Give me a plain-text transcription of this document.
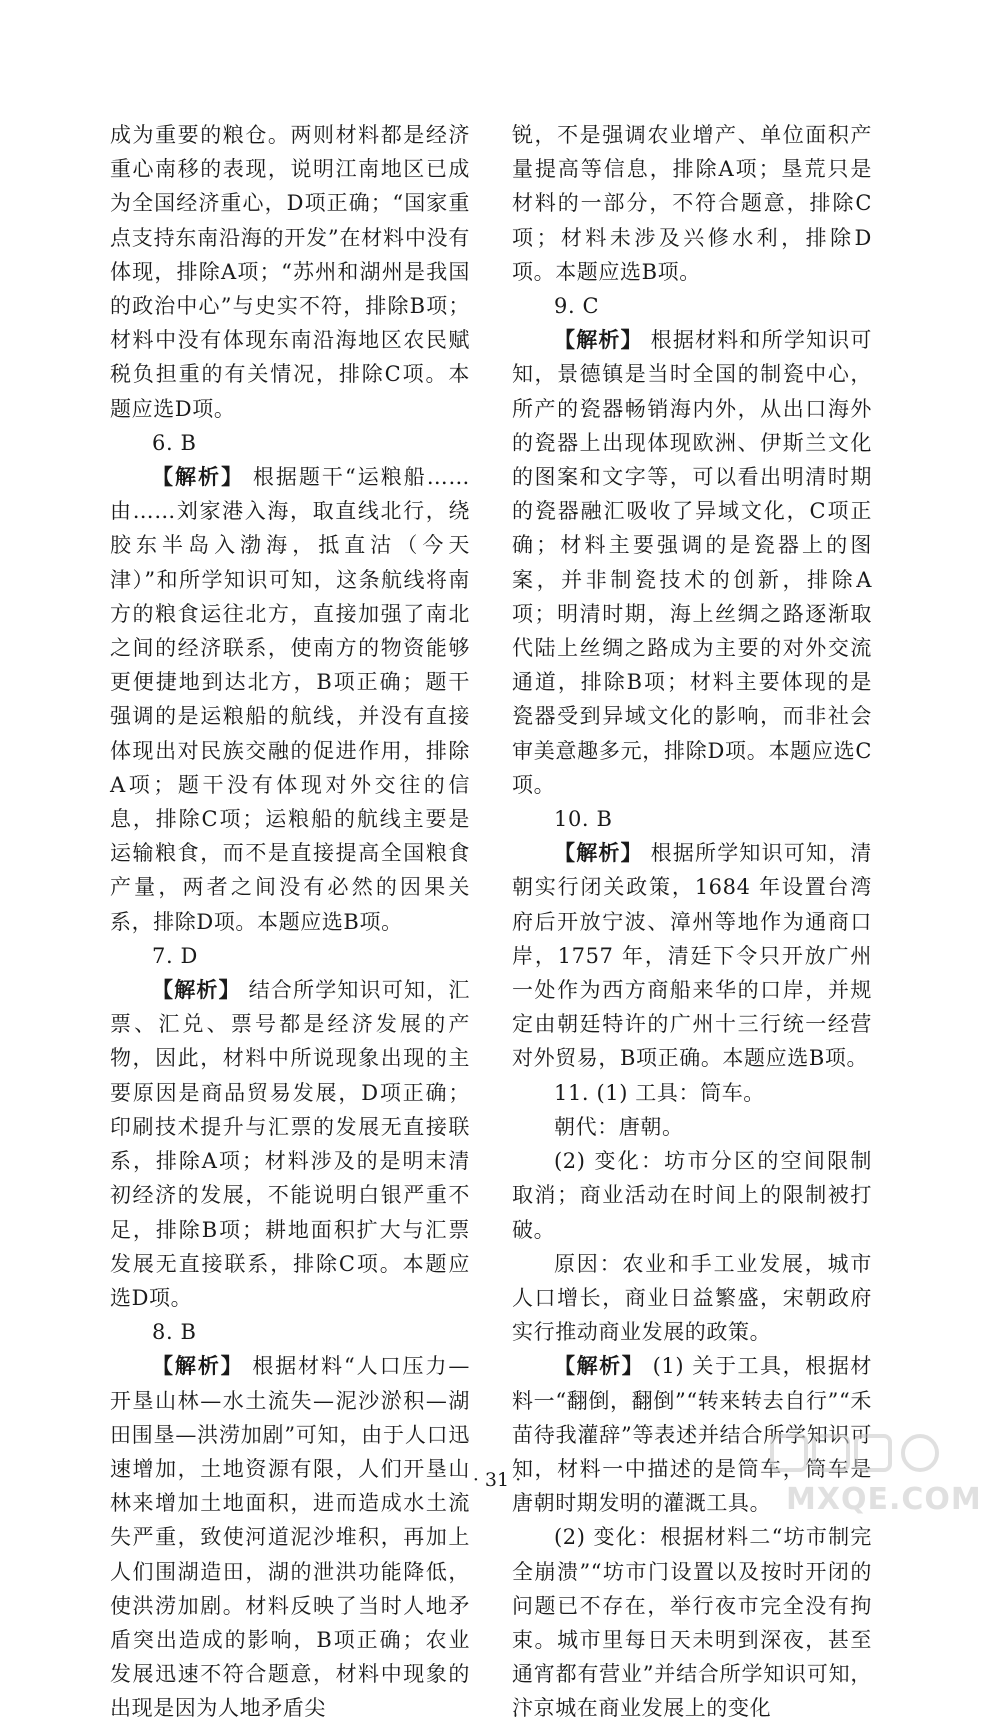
成为重要的粮仓。两则材料都是经济重心南移的表现，说明江南地区已成为全国经济重心，D项正确；“国家重点支持东南沿海的开发”在材料中没有体现，排除A项；“苏州和湖州是我国的政治中心”与史实不符，排除B项；材料中没有体现东南沿海地区农民赋税负担重的有关情况，排除C项。本题应选D项。

6. B

【解析】 根据题干“运粮船……由……刘家港入海，取直线北行，绕胶东半岛入渤海，抵直沽（今天津）”和所学知识可知，这条航线将南方的粮食运往北方，直接加强了南北之间的经济联系，使南方的物资能够更便捷地到达北方，B项正确；题干强调的是运粮船的航线，并没有直接体现出对民族交融的促进作用，排除A项；题干没有体现对外交往的信息，排除C项；运粮船的航线主要是运输粮食，而不是直接提高全国粮食产量，两者之间没有必然的因果关系，排除D项。本题应选B项。

7. D

【解析】 结合所学知识可知，汇票、汇兑、票号都是经济发展的产物，因此，材料中所说现象出现的主要原因是商品贸易发展，D项正确；印刷技术提升与汇票的发展无直接联系，排除A项；材料涉及的是明末清初经济的发展，不能说明白银严重不足，排除B项；耕地面积扩大与汇票发展无直接联系，排除C项。本题应选D项。

8. B

【解析】 根据材料“人口压力—开垦山林—水土流失—泥沙淤积—湖田围垦—洪涝加剧”可知，由于人口迅速增加，土地资源有限，人们开垦山林来增加土地面积，进而造成水土流失严重，致使河道泥沙堆积，再加上人们围湖造田，湖的泄洪功能降低，使洪涝加剧。材料反映了当时人地矛盾突出造成的影响，B项正确；农业发展迅速不符合题意，材料中现象的出现是因为人地矛盾尖

锐，不是强调农业增产、单位面积产量提高等信息，排除A项；垦荒只是材料的一部分，不符合题意，排除C项；材料未涉及兴修水利，排除D项。本题应选B项。

9. C

【解析】 根据材料和所学知识可知，景德镇是当时全国的制瓷中心，所产的瓷器畅销海内外，从出口海外的瓷器上出现体现欧洲、伊斯兰文化的图案和文字等，可以看出明清时期的瓷器融汇吸收了异域文化，C项正确；材料主要强调的是瓷器上的图案，并非制瓷技术的创新，排除A项；明清时期，海上丝绸之路逐渐取代陆上丝绸之路成为主要的对外交流通道，排除B项；材料主要体现的是瓷器受到异域文化的影响，而非社会审美意趣多元，排除D项。本题应选C项。

10. B

【解析】 根据所学知识可知，清朝实行闭关政策，1684 年设置台湾府后开放宁波、漳州等地作为通商口岸，1757 年，清廷下令只开放广州一处作为西方商船来华的口岸，并规定由朝廷特许的广州十三行统一经营对外贸易，B项正确。本题应选B项。

11. (1) 工具：筒车。

朝代：唐朝。

(2) 变化：坊市分区的空间限制取消；商业活动在时间上的限制被打破。

原因：农业和手工业发展，城市人口增长，商业日益繁盛，宋朝政府实行推动商业发展的政策。

【解析】 (1) 关于工具，根据材料一“翻倒，翻倒”“转来转去自行”“禾苗待我灌辞”等表述并结合所学知识可知，材料一中描述的是筒车，筒车是唐朝时期发明的灌溉工具。

(2) 变化：根据材料二“坊市制完全崩溃”“坊市门设置以及按时开闭的问题已不存在，举行夜市完全没有拘束。城市里每日天未明到深夜，甚至通宵都有营业”并结合所学知识可知，汴京城在商业发展上的变化

· 31 ·
MXQE.COM
